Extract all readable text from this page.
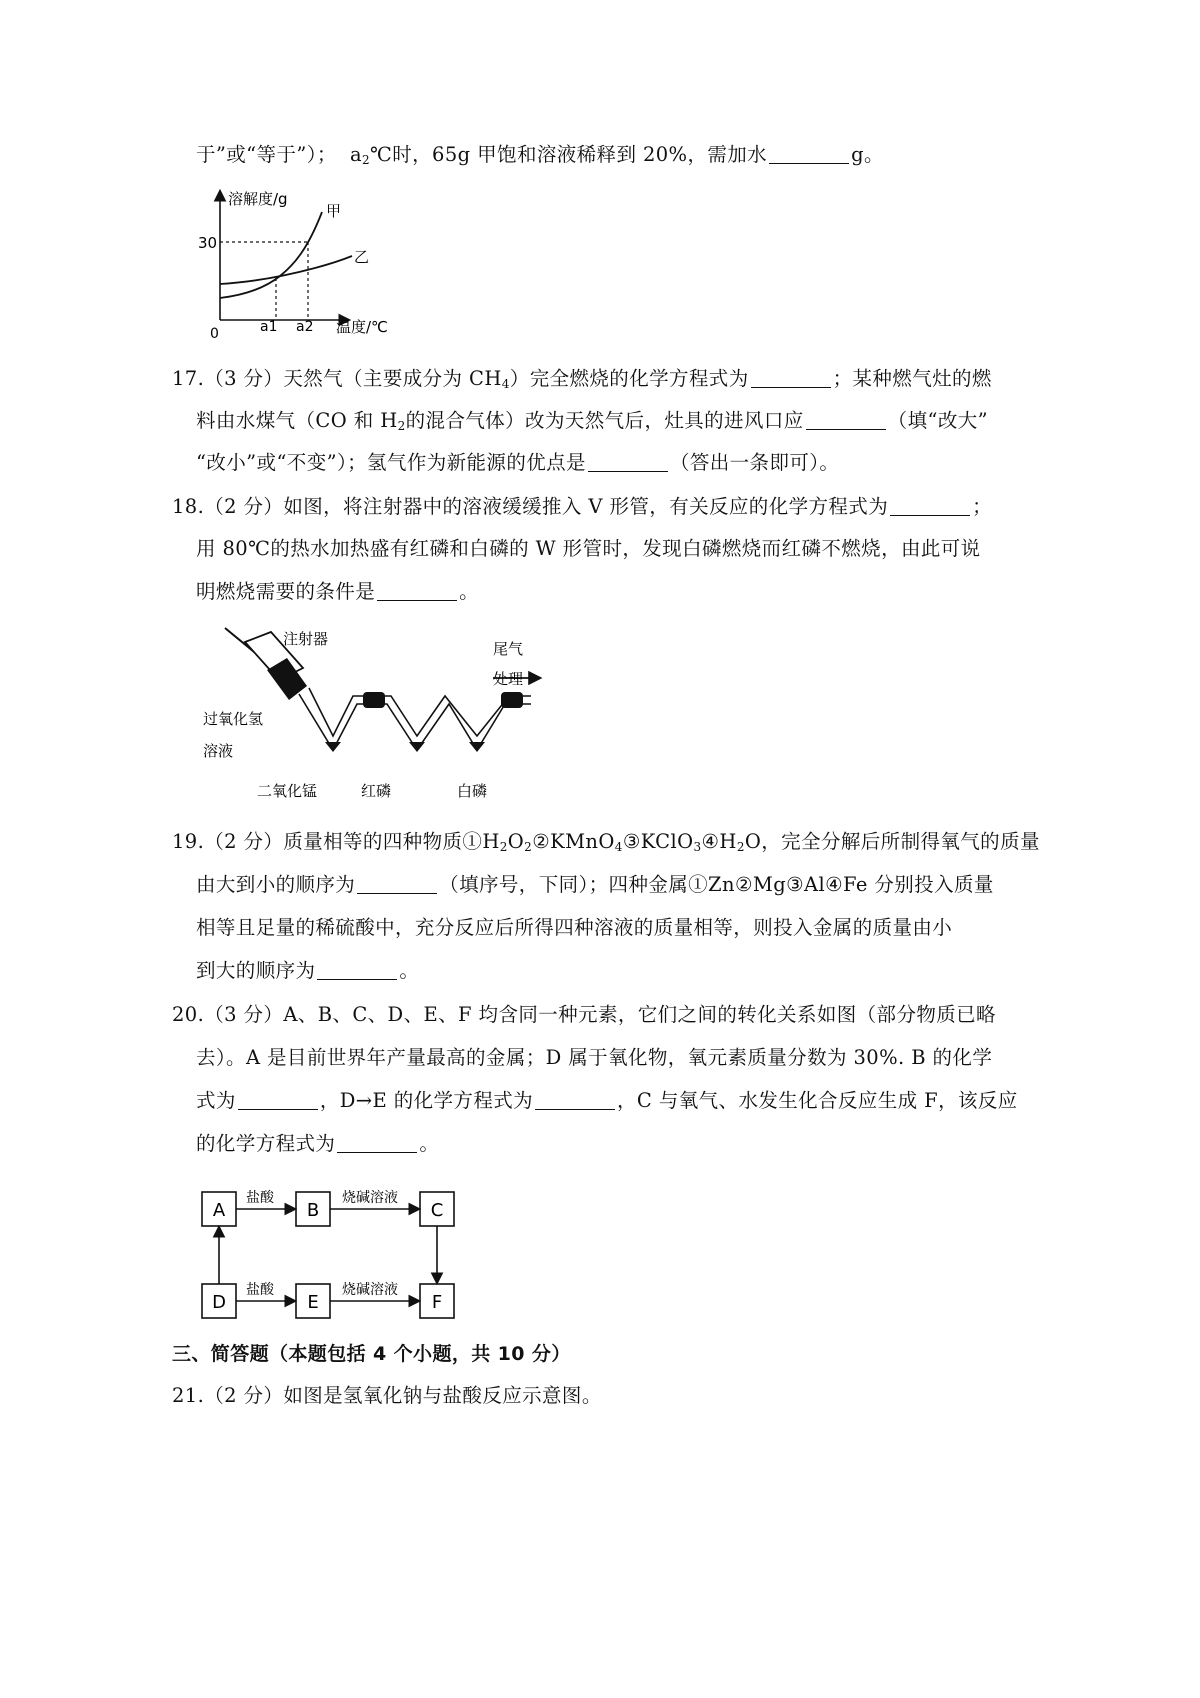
于”或“等于”）；  $a_2℃$时，65g 甲饱和溶液稀释到 20%，需加水	g。
溶解度/g
温度/℃
0
30
a1 a2
甲
乙
17.（3 分）天然气（主要成分为 $CH_4$）完全燃烧的化学方程式为	；某种燃气灶的燃
料由水煤气（CO 和 $H_2$的混合气体）改为天然气后，灶具的进风口应	（填“改大”
“改小”或“不变”）；氢气作为新能源的优点是	（答出一条即可）。
18.（2 分）如图，将注射器中的溶液缓缓推入 V 形管，有关反应的化学方程式为	；
用 80℃的热水加热盛有红磷和白磷的 W 形管时，发现白磷燃烧而红磷不燃烧，由此可说
明燃烧需要的条件是	。
注射器
尾气
处理
过氧化氢
溶液
二氧化锰	红磷	白磷
19.（2 分）质量相等的四种物质$①H_2O_2②KMnO_4③KClO_3④H_2O$，完全分解后所制得氧气的质量
由大到小的顺序为	（填序号，下同）；四种金属①Zn②Mg③Al④Fe 分别投入质量
相等且足量的稀硫酸中，充分反应后所得四种溶液的质量相等，则投入金属的质量由小
到大的顺序为	。
20.（3 分）A、B、C、D、E、F 均含同一种元素，它们之间的转化关系如图（部分物质已略
去）。A 是目前世界年产量最高的金属；D 属于氧化物，氧元素质量分数为 30%. B 的化学
式为	，D→E 的化学方程式为	，C 与氧气、水发生化合反应生成 F，该反应
的化学方程式为	。
A	B	C
D	E	F
盐酸	烧碱溶液
盐酸	烧碱溶液
三、简答题（本题包括 4 个小题，共 10 分）
21.（2 分）如图是氢氧化钠与盐酸反应示意图。
